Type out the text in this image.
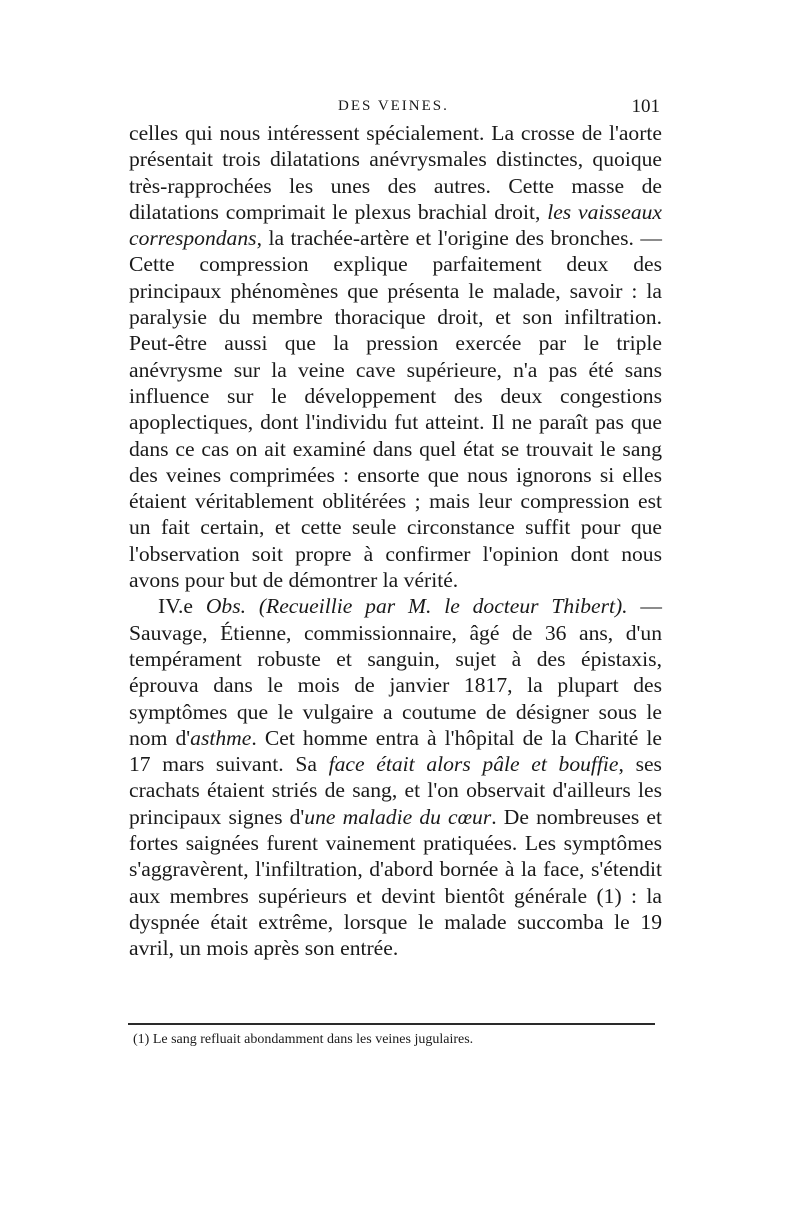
DES VEINES.	101

celles qui nous intéressent spécialement. La crosse de l'aorte présentait trois dilatations anévrysmales distinctes, quoique très-rapprochées les unes des autres. Cette masse de dilatations comprimait le plexus brachial droit, les vaisseaux correspondans, la trachée-artère et l'origine des bronches. — Cette compression explique parfaitement deux des principaux phénomènes que présenta le malade, savoir : la paralysie du membre thoracique droit, et son infiltration. Peut-être aussi que la pression exercée par le triple anévrysme sur la veine cave supérieure, n'a pas été sans influence sur le développement des deux congestions apoplectiques, dont l'individu fut atteint. Il ne paraît pas que dans ce cas on ait examiné dans quel état se trouvait le sang des veines comprimées : ensorte que nous ignorons si elles étaient véritablement oblitérées ; mais leur compression est un fait certain, et cette seule circonstance suffit pour que l'observation soit propre à confirmer l'opinion dont nous avons pour but de démontrer la vérité.

IV.e Obs. (Recueillie par M. le docteur Thibert). — Sauvage, Étienne, commissionnaire, âgé de 36 ans, d'un tempérament robuste et sanguin, sujet à des épistaxis, éprouva dans le mois de janvier 1817, la plupart des symptômes que le vulgaire a coutume de désigner sous le nom d'asthme. Cet homme entra à l'hôpital de la Charité le 17 mars suivant. Sa face était alors pâle et bouffie, ses crachats étaient striés de sang, et l'on observait d'ailleurs les principaux signes d'une maladie du cœur. De nombreuses et fortes saignées furent vainement pratiquées. Les symptômes s'aggravèrent, l'infiltration, d'abord bornée à la face, s'étendit aux membres supérieurs et devint bientôt générale (1) : la dyspnée était extrême, lorsque le malade succomba le 19 avril, un mois après son entrée.

(1) Le sang refluait abondamment dans les veines jugulaires.
